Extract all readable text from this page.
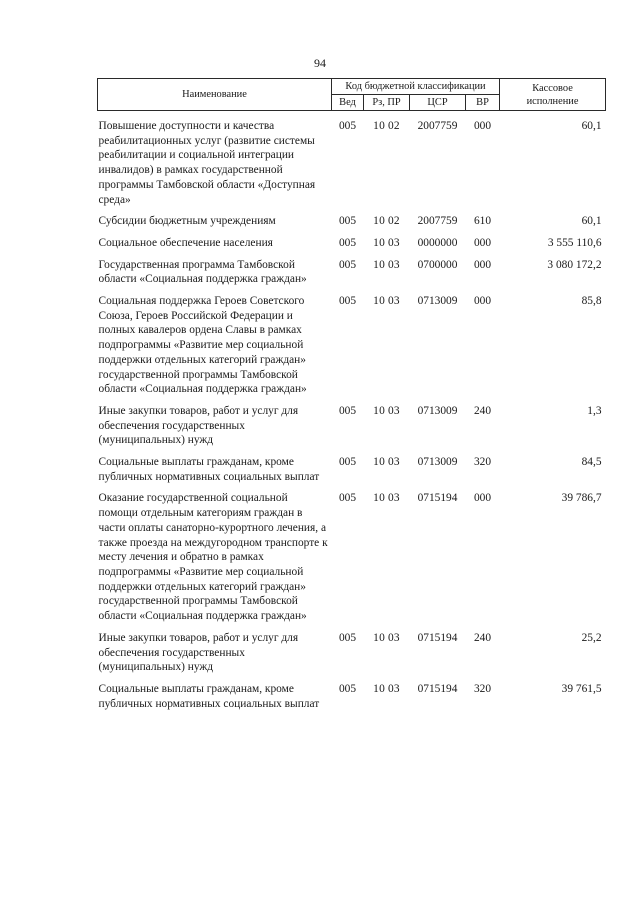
94
Наименование	Код бюджетной классификации				Кассовое
исполнение
	Вед	Рз, ПР	ЦСР	ВР	
Повышение доступности и качества реабилитационных услуг (развитие системы реабилитации и социальной интеграции инвалидов) в рамках государственной программы Тамбовской области «Доступная среда»	005	10 02	2007759	000	60,1
Субсидии бюджетным учреждениям	005	10 02	2007759	610	60,1
Социальное обеспечение населения	005	10 03	0000000	000	3 555 110,6
Государственная программа Тамбовской области «Социальная поддержка граждан»	005	10 03	0700000	000	3 080 172,2
Социальная поддержка Героев Советского Союза, Героев Российской Федерации и полных кавалеров ордена Славы в рамках подпрограммы «Развитие мер социальной поддержки отдельных категорий граждан» государственной программы Тамбовской области «Социальная поддержка граждан»	005	10 03	0713009	000	85,8
Иные закупки товаров, работ и услуг для обеспечения государственных (муниципальных) нужд	005	10 03	0713009	240	1,3
Социальные выплаты гражданам, кроме публичных нормативных социальных выплат	005	10 03	0713009	320	84,5
Оказание государственной социальной помощи отдельным категориям граждан в части оплаты санаторно-курортного лечения, а также проезда на междугородном транспорте к месту лечения и обратно в рамках подпрограммы «Развитие мер социальной поддержки отдельных категорий граждан» государственной программы Тамбовской области «Социальная поддержка граждан»	005	10 03	0715194	000	39 786,7
Иные закупки товаров, работ и услуг для обеспечения государственных (муниципальных) нужд	005	10 03	0715194	240	25,2
Социальные выплаты гражданам, кроме публичных нормативных социальных выплат	005	10 03	0715194	320	39 761,5
